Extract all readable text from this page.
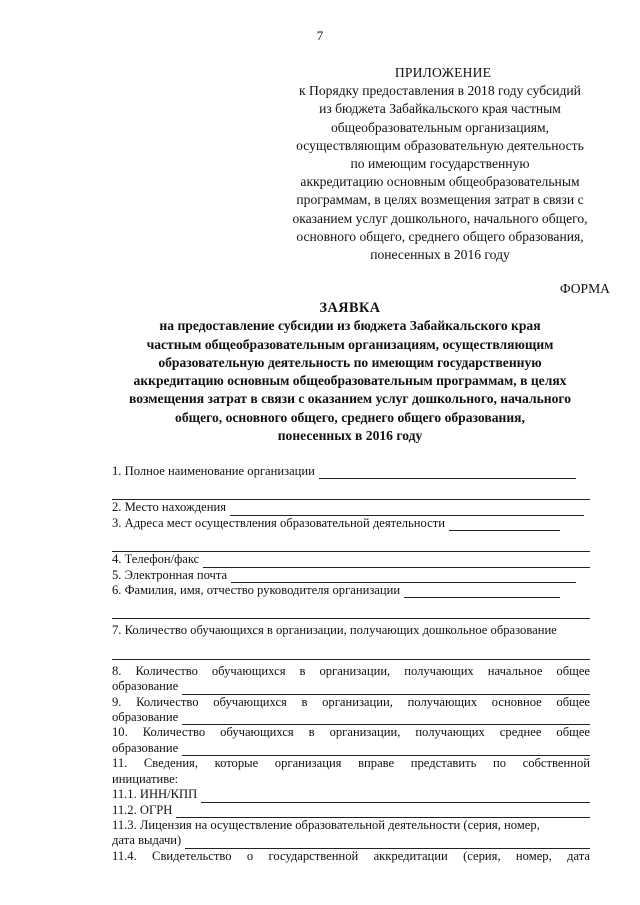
7
ПРИЛОЖЕНИЕ
к Порядку предоставления в 2018 году субсидий
из бюджета Забайкальского края частным
общеобразовательным организациям,
осуществляющим образовательную деятельность
по имеющим государственную
аккредитацию основным общеобразовательным
программам, в целях возмещения затрат в связи с
оказанием услуг дошкольного, начального общего,
основного общего, среднего общего образования,
понесенных в 2016 году
ФОРМА
ЗАЯВКА
на предоставление субсидии из бюджета Забайкальского края
частным общеобразовательным организациям, осуществляющим
образовательную деятельность по имеющим государственную
аккредитацию основным общеобразовательным программам, в целях
возмещения затрат в связи с оказанием услуг дошкольного, начального
общего, основного общего, среднего общего образования,
понесенных в 2016 году
1. Полное наименование организации
2. Место нахождения
3. Адреса мест осуществления образовательной деятельности
4. Телефон/факс
5. Электронная почта
6. Фамилия, имя, отчество руководителя организации
7. Количество обучающихся в организации, получающих дошкольное образование
8. Количество обучающихся в организации, получающих начальное общее
образование
9. Количество обучающихся в организации, получающих основное общее
образование
10. Количество обучающихся в организации, получающих среднее общее
образование
11. Сведения, которые организация вправе представить по собственной
инициативе:
11.1. ИНН/КПП
11.2. ОГРН
11.3. Лицензия на осуществление образовательной деятельности (серия, номер,
дата выдачи)
11.4. Свидетельство о государственной аккредитации (серия, номер, дата
